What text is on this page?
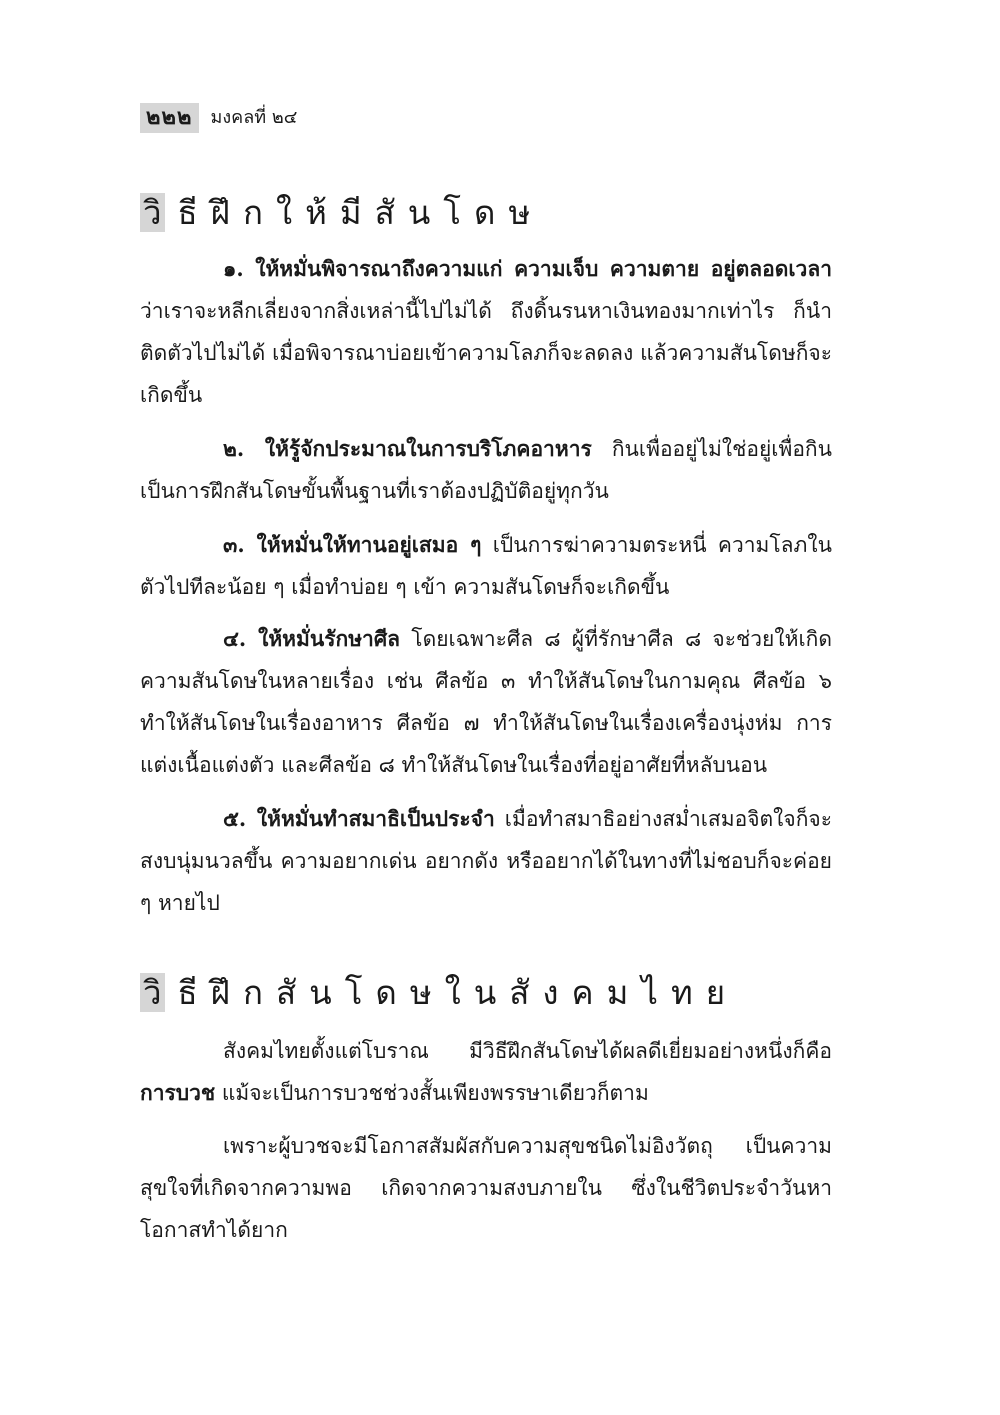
๒๒๒	มงคลที่ ๒๔
วิ ธีฝึกให้มีสันโดษ

๑. ให้หมั่นพิจารณาถึงความแก่ ความเจ็บ ความตาย อยู่ตลอดเวลา ว่าเราจะหลีกเลี่ยงจากสิ่งเหล่านี้ไปไม่ได้ ถึงดิ้นรนหาเงินทองมากเท่าไร ก็นำติดตัวไปไม่ได้ เมื่อพิจารณาบ่อยเข้าความโลภก็จะลดลง แล้วความสันโดษก็จะเกิดขึ้น

๒. ให้รู้จักประมาณในการบริโภคอาหาร กินเพื่ออยู่ไม่ใช่อยู่เพื่อกิน เป็นการฝึกสันโดษขั้นพื้นฐานที่เราต้องปฏิบัติอยู่ทุกวัน

๓. ให้หมั่นให้ทานอยู่เสมอ ๆ เป็นการฆ่าความตระหนี่ ความโลภในตัวไปทีละน้อย ๆ เมื่อทำบ่อย ๆ เข้า ความสันโดษก็จะเกิดขึ้น

๔. ให้หมั่นรักษาศีล โดยเฉพาะศีล ๘ ผู้ที่รักษาศีล ๘ จะช่วยให้เกิดความสันโดษในหลายเรื่อง เช่น ศีลข้อ ๓ ทำให้สันโดษในกามคุณ ศีลข้อ ๖ ทำให้สันโดษในเรื่องอาหาร ศีลข้อ ๗ ทำให้สันโดษในเรื่องเครื่องนุ่งห่ม การแต่งเนื้อแต่งตัว และศีลข้อ ๘ ทำให้สันโดษในเรื่องที่อยู่อาศัยที่หลับนอน

๕. ให้หมั่นทำสมาธิเป็นประจำ เมื่อทำสมาธิอย่างสม่ำเสมอจิตใจก็จะสงบนุ่มนวลขึ้น ความอยากเด่น อยากดัง หรืออยากได้ในทางที่ไม่ชอบก็จะค่อย ๆ หายไป

วิ ธีฝึกสันโดษในสังคมไทย

สังคมไทยตั้งแต่โบราณ มีวิธีฝึกสันโดษได้ผลดีเยี่ยมอย่างหนึ่งก็คือ การบวช แม้จะเป็นการบวชช่วงสั้นเพียงพรรษาเดียวก็ตาม

เพราะผู้บวชจะมีโอกาสสัมผัสกับความสุขชนิดไม่อิงวัตถุ เป็นความสุขใจที่เกิดจากความพอ เกิดจากความสงบภายใน ซึ่งในชีวิตประจำวันหาโอกาสทำได้ยาก
